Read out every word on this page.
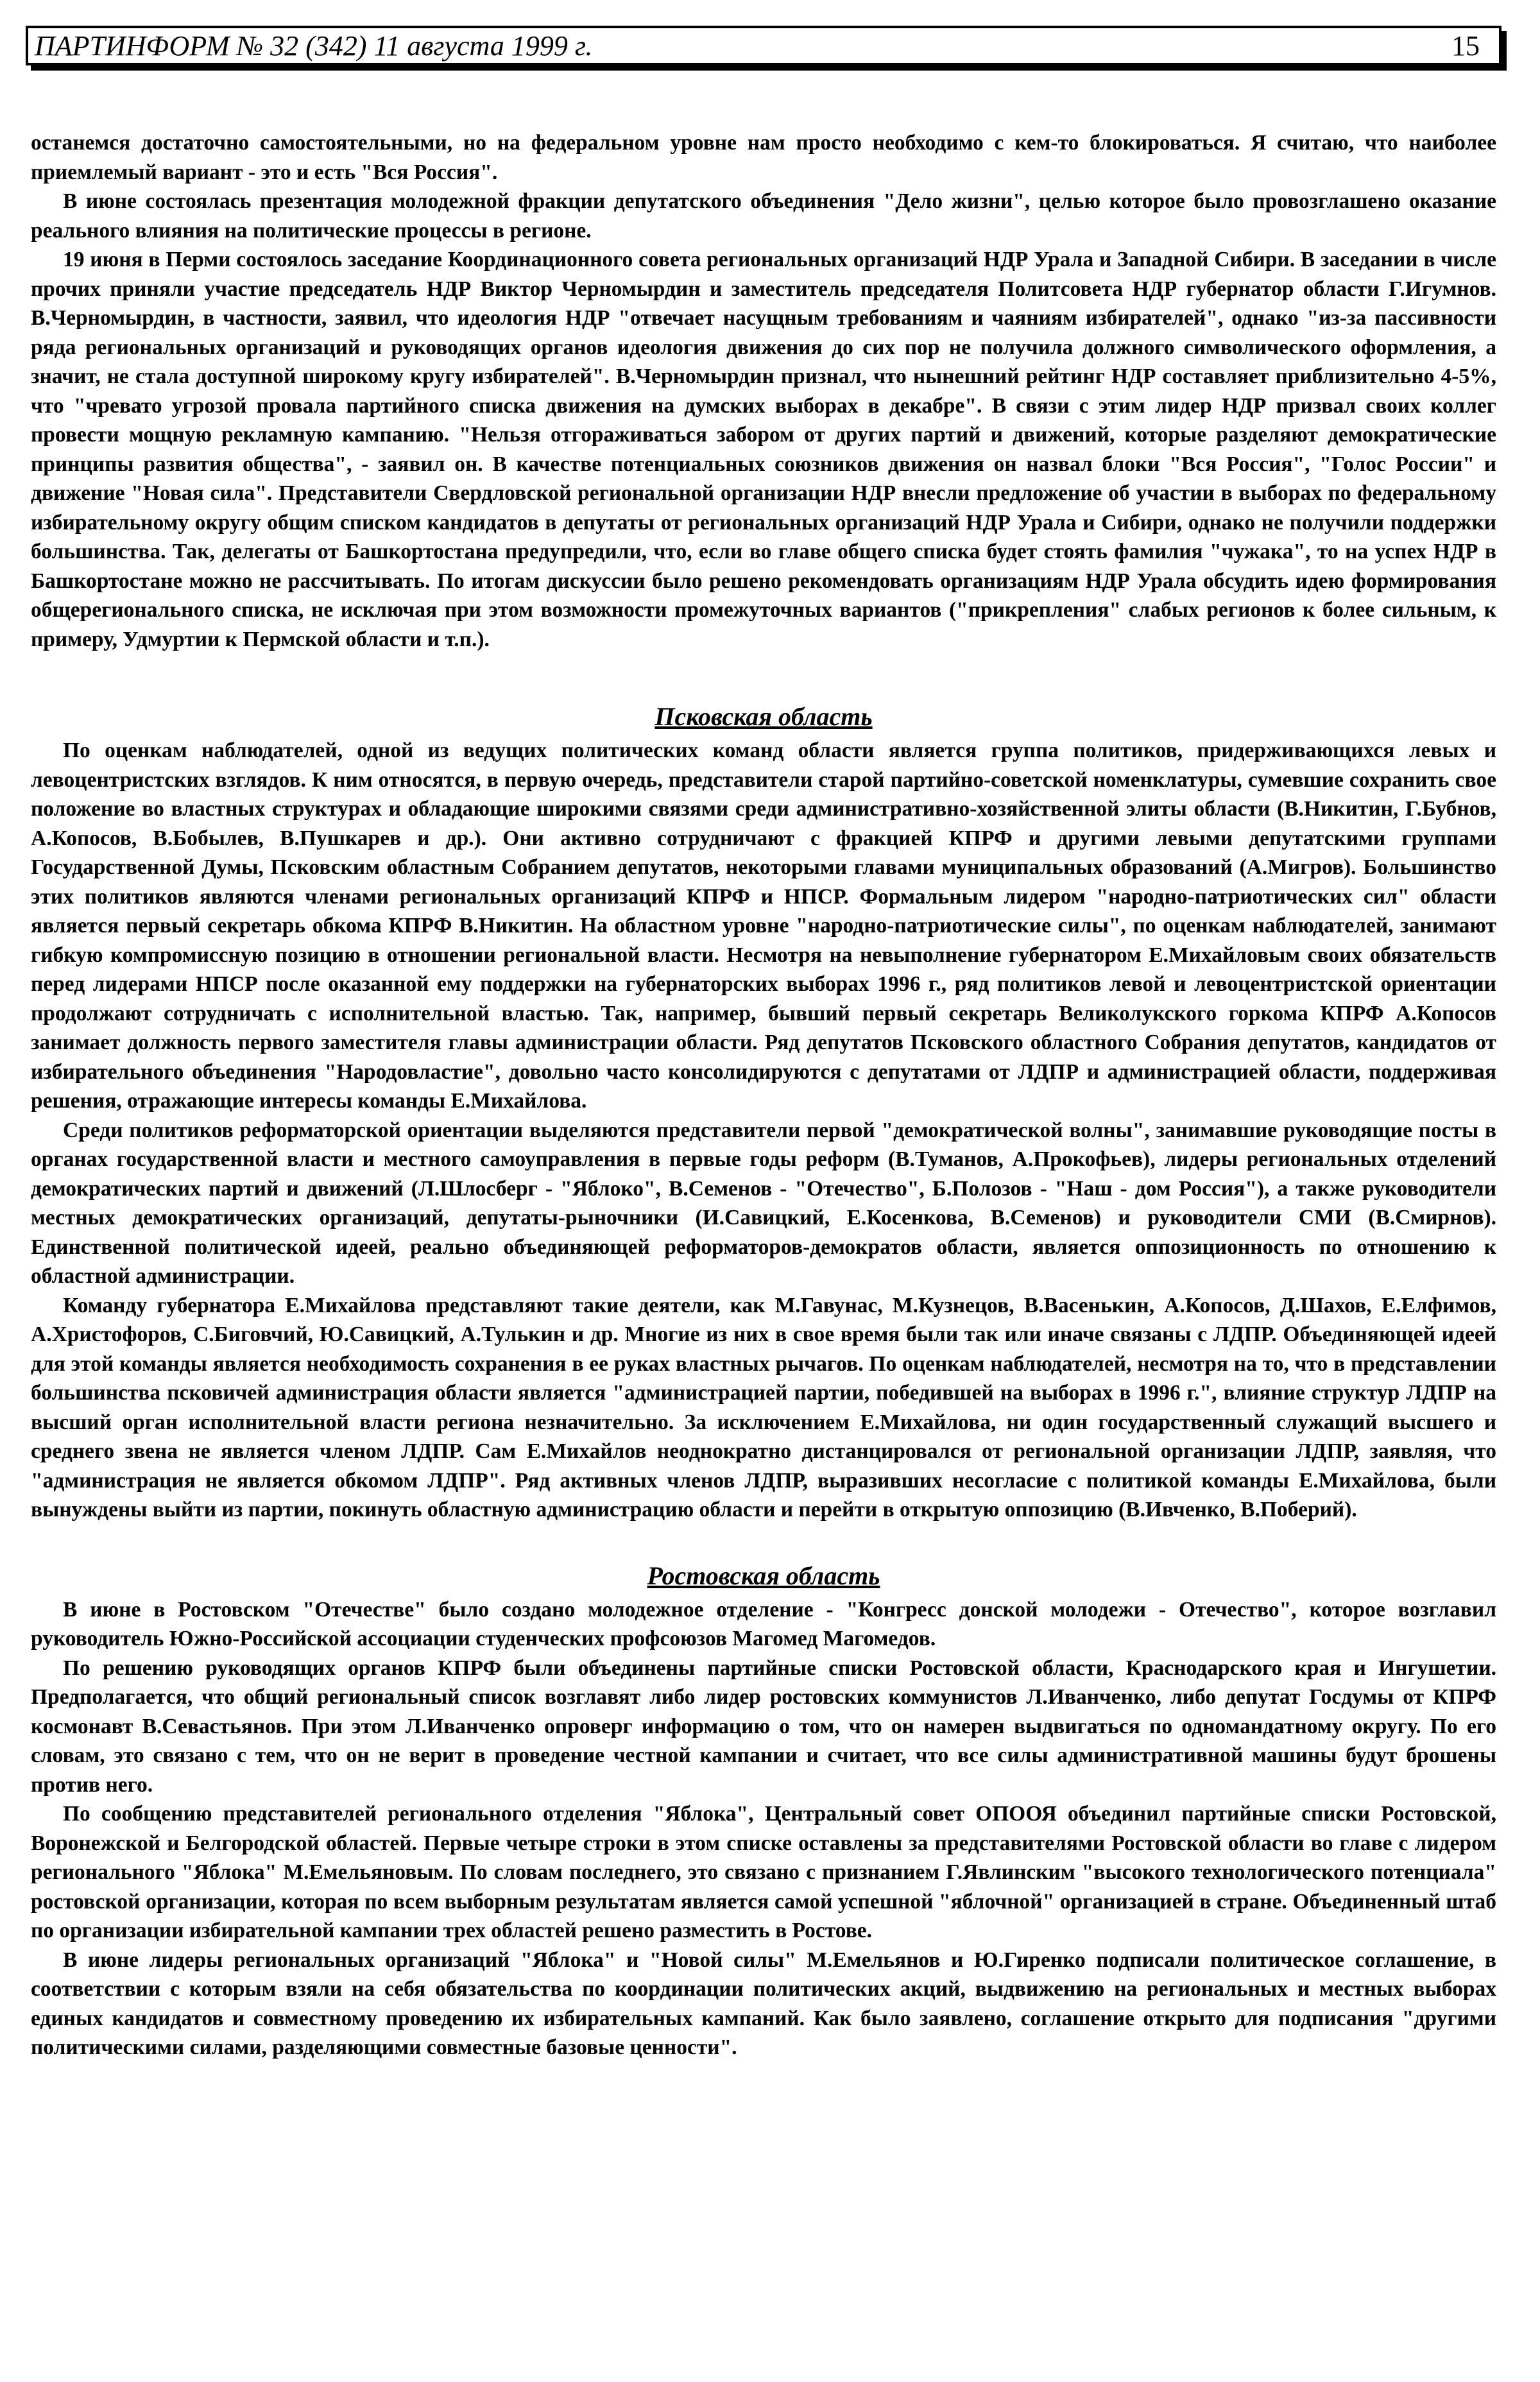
ПАРТИНФОРМ № 32 (342) 11 августа 1999 г.	15

останемся достаточно самостоятельными, но на федеральном уровне нам просто необходимо с кем-то блокироваться. Я считаю, что наиболее приемлемый вариант - это и есть "Вся Россия".

В июне состоялась презентация молодежной фракции депутатского объединения "Дело жизни", целью которое было провозглашено оказание реального влияния на политические процессы в регионе.

19 июня в Перми состоялось заседание Координационного совета региональных организаций НДР Урала и Западной Сибири. В заседании в числе прочих приняли участие председатель НДР Виктор Черномырдин и заместитель председателя Политсовета НДР губернатор области Г.Игумнов. В.Черномырдин, в частности, заявил, что идеология НДР "отвечает насущным требованиям и чаяниям избирателей", однако "из-за пассивности ряда региональных организаций и руководящих органов идеология движения до сих пор не получила должного символического оформления, а значит, не стала доступной широкому кругу избирателей". В.Черномырдин признал, что нынешний рейтинг НДР составляет приблизительно 4-5%, что "чревато угрозой провала партийного списка движения на думских выборах в декабре". В связи с этим лидер НДР призвал своих коллег провести мощную рекламную кампанию. "Нельзя отгораживаться забором от других партий и движений, которые разделяют демократические принципы развития общества", - заявил он. В качестве потенциальных союзников движения он назвал блоки "Вся Россия", "Голос России" и движение "Новая сила". Представители Свердловской региональной организации НДР внесли предложение об участии в выборах по федеральному избирательному округу общим списком кандидатов в депутаты от региональных организаций НДР Урала и Сибири, однако не получили поддержки большинства. Так, делегаты от Башкортостана предупредили, что, если во главе общего списка будет стоять фамилия "чужака", то на успех НДР в Башкортостане можно не рассчитывать. По итогам дискуссии было решено рекомендовать организациям НДР Урала обсудить идею формирования общерегионального списка, не исключая при этом возможности промежуточных вариантов ("прикрепления" слабых регионов к более сильным, к примеру, Удмуртии к Пермской области и т.п.).

Псковская область

По оценкам наблюдателей, одной из ведущих политических команд области является группа политиков, придерживающихся левых и левоцентристских взглядов. К ним относятся, в первую очередь, представители старой партийно-советской номенклатуры, сумевшие сохранить свое положение во властных структурах и обладающие широкими связями среди административно-хозяйственной элиты области (В.Никитин, Г.Бубнов, А.Копосов, В.Бобылев, В.Пушкарев и др.). Они активно сотрудничают с фракцией КПРФ и другими левыми депутатскими группами Государственной Думы, Псковским областным Собранием депутатов, некоторыми главами муниципальных образований (А.Мигров). Большинство этих политиков являются членами региональных организаций КПРФ и НПСР. Формальным лидером "народно-патриотических сил" области является первый секретарь обкома КПРФ В.Никитин. На областном уровне "народно-патриотические силы", по оценкам наблюдателей, занимают гибкую компромиссную позицию в отношении региональной власти. Несмотря на невыполнение губернатором Е.Михайловым своих обязательств перед лидерами НПСР после оказанной ему поддержки на губернаторских выборах 1996 г., ряд политиков левой и левоцентристской ориентации продолжают сотрудничать с исполнительной властью. Так, например, бывший первый секретарь Великолукского горкома КПРФ А.Копосов занимает должность первого заместителя главы администрации области. Ряд депутатов Псковского областного Собрания депутатов, кандидатов от избирательного объединения "Народовластие", довольно часто консолидируются с депутатами от ЛДПР и администрацией области, поддерживая решения, отражающие интересы команды Е.Михайлова.

Среди политиков реформаторской ориентации выделяются представители первой "демократической волны", занимавшие руководящие посты в органах государственной власти и местного самоуправления в первые годы реформ (В.Туманов, А.Прокофьев), лидеры региональных отделений демократических партий и движений (Л.Шлосберг - "Яблоко", В.Семенов - "Отечество", Б.Полозов - "Наш - дом Россия"), а также руководители местных демократических организаций, депутаты-рыночники (И.Савицкий, Е.Косенкова, В.Семенов) и руководители СМИ (В.Смирнов). Единственной политической идеей, реально объединяющей реформаторов-демократов области, является оппозиционность по отношению к областной администрации.

Команду губернатора Е.Михайлова представляют такие деятели, как М.Гавунас, М.Кузнецов, В.Васенькин, А.Копосов, Д.Шахов, Е.Елфимов, А.Христофоров, С.Биговчий, Ю.Савицкий, А.Тулькин и др. Многие из них в свое время были так или иначе связаны с ЛДПР. Объединяющей идеей для этой команды является необходимость сохранения в ее руках властных рычагов. По оценкам наблюдателей, несмотря на то, что в представлении большинства псковичей администрация области является "администрацией партии, победившей на выборах в 1996 г.", влияние структур ЛДПР на высший орган исполнительной власти региона незначительно. За исключением Е.Михайлова, ни один государственный служащий высшего и среднего звена не является членом ЛДПР. Сам Е.Михайлов неоднократно дистанцировался от региональной организации ЛДПР, заявляя, что "администрация не является обкомом ЛДПР". Ряд активных членов ЛДПР, выразивших несогласие с политикой команды Е.Михайлова, были вынуждены выйти из партии, покинуть областную администрацию области и перейти в открытую оппозицию (В.Ивченко, В.Поберий).

Ростовская область

В июне в Ростовском "Отечестве" было создано молодежное отделение - "Конгресс донской молодежи - Отечество", которое возглавил руководитель Южно-Российской ассоциации студенческих профсоюзов Магомед Магомедов.

По решению руководящих органов КПРФ были объединены партийные списки Ростовской области, Краснодарского края и Ингушетии. Предполагается, что общий региональный список возглавят либо лидер ростовских коммунистов Л.Иванченко, либо депутат Госдумы от КПРФ космонавт В.Севастьянов. При этом Л.Иванченко опроверг информацию о том, что он намерен выдвигаться по одномандатному округу. По его словам, это связано с тем, что он не верит в проведение честной кампании и считает, что все силы административной машины будут брошены против него.

По сообщению представителей регионального отделения "Яблока", Центральный совет ОПООЯ объединил партийные списки Ростовской, Воронежской и Белгородской областей. Первые четыре строки в этом списке оставлены за представителями Ростовской области во главе с лидером регионального "Яблока" М.Емельяновым. По словам последнего, это связано с признанием Г.Явлинским "высокого технологического потенциала" ростовской организации, которая по всем выборным результатам является самой успешной "яблочной" организацией в стране. Объединенный штаб по организации избирательной кампании трех областей решено разместить в Ростове.

В июне лидеры региональных организаций "Яблока" и "Новой силы" М.Емельянов и Ю.Гиренко подписали политическое соглашение, в соответствии с которым взяли на себя обязательства по координации политических акций, выдвижению на региональных и местных выборах единых кандидатов и совместному проведению их избирательных кампаний. Как было заявлено, соглашение открыто для подписания "другими политическими силами, разделяющими совместные базовые ценности".
